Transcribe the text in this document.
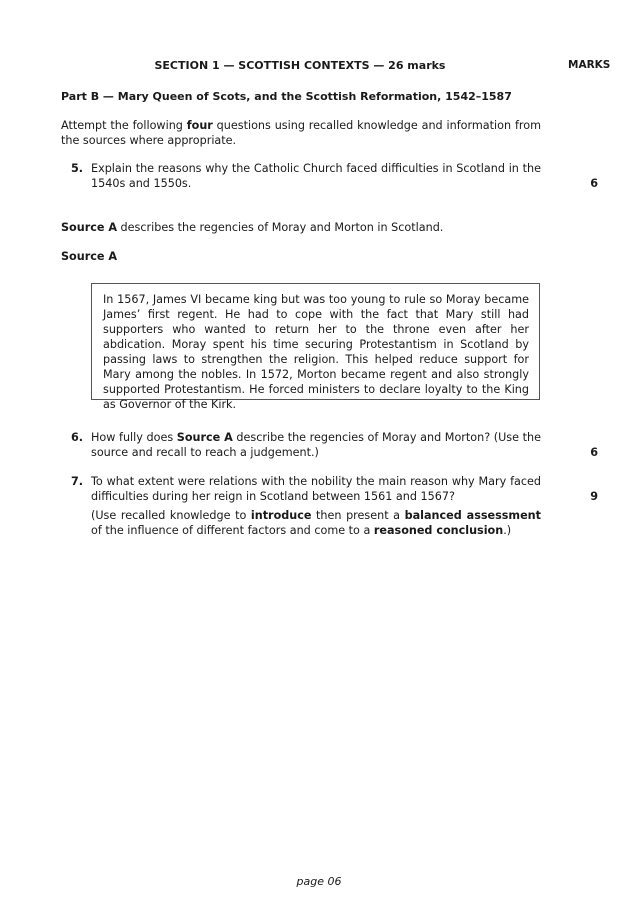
SECTION 1 — SCOTTISH CONTEXTS — 26 marks	MARKS
Part B — Mary Queen of Scots, and the Scottish Reformation, 1542–1587
Attempt the following four questions using recalled knowledge and information from the sources where appropriate.
5. Explain the reasons why the Catholic Church faced difficulties in Scotland in the 1540s and 1550s.	6
Source A describes the regencies of Moray and Morton in Scotland.
Source A
In 1567, James VI became king but was too young to rule so Moray became James’ first regent. He had to cope with the fact that Mary still had supporters who wanted to return her to the throne even after her abdication. Moray spent his time securing Protestantism in Scotland by passing laws to strengthen the religion. This helped reduce support for Mary among the nobles. In 1572, Morton became regent and also strongly supported Protestantism. He forced ministers to declare loyalty to the King as Governor of the Kirk.
6. How fully does Source A describe the regencies of Moray and Morton? (Use the source and recall to reach a judgement.)	6
7. To what extent were relations with the nobility the main reason why Mary faced difficulties during her reign in Scotland between 1561 and 1567?	9
(Use recalled knowledge to introduce then present a balanced assessment of the influence of different factors and come to a reasoned conclusion.)
page 06
